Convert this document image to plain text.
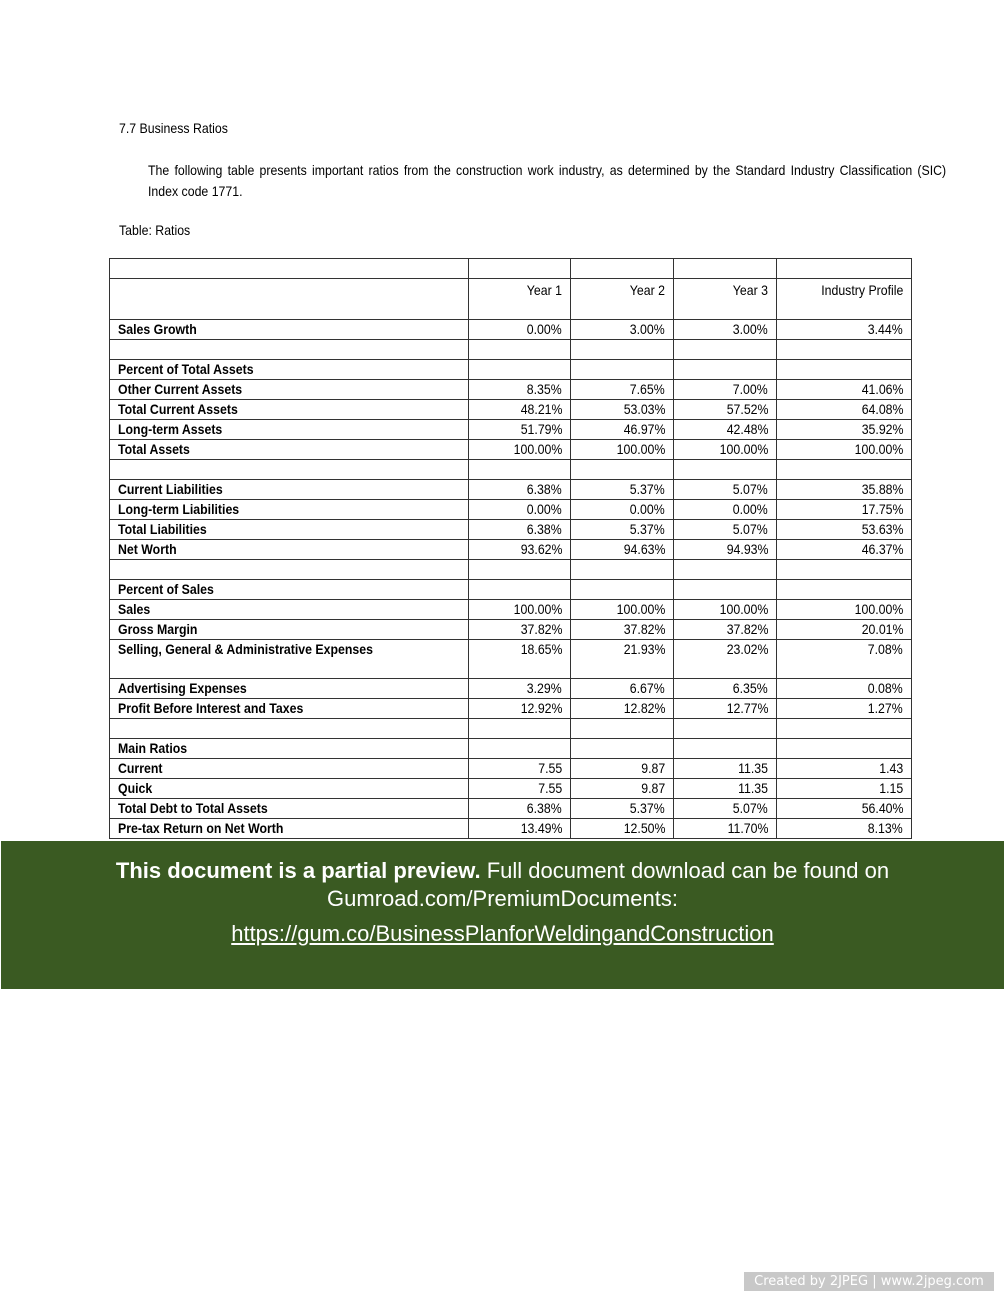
7.7 Business Ratios
The following table presents important ratios from the construction work industry, as determined by the Standard Industry Classification (SIC) Index code 1771.
Table: Ratios

	Year 1	Year 2	Year 3	Industry Profile
Sales Growth	0.00%	3.00%	3.00%	3.44%

Percent of Total Assets				
Other Current Assets	8.35%	7.65%	7.00%	41.06%
Total Current Assets	48.21%	53.03%	57.52%	64.08%
Long-term Assets	51.79%	46.97%	42.48%	35.92%
Total Assets	100.00%	100.00%	100.00%	100.00%

Current Liabilities	6.38%	5.37%	5.07%	35.88%
Long-term Liabilities	0.00%	0.00%	0.00%	17.75%
Total Liabilities	6.38%	5.37%	5.07%	53.63%
Net Worth	93.62%	94.63%	94.93%	46.37%

Percent of Sales				
Sales	100.00%	100.00%	100.00%	100.00%
Gross Margin	37.82%	37.82%	37.82%	20.01%
Selling, General & Administrative Expenses	18.65%	21.93%	23.02%	7.08%
Advertising Expenses	3.29%	6.67%	6.35%	0.08%
Profit Before Interest and Taxes	12.92%	12.82%	12.77%	1.27%

Main Ratios				
Current	7.55	9.87	11.35	1.43
Quick	7.55	9.87	11.35	1.15
Total Debt to Total Assets	6.38%	5.37%	5.07%	56.40%
Pre-tax Return on Net Worth	13.49%	12.50%	11.70%	8.13%
This document is a partial preview. Full document download can be found on Gumroad.com/PremiumDocuments:
https://gum.co/BusinessPlanforWeldingandConstruction
Created by 2JPEG | www.2jpeg.com
